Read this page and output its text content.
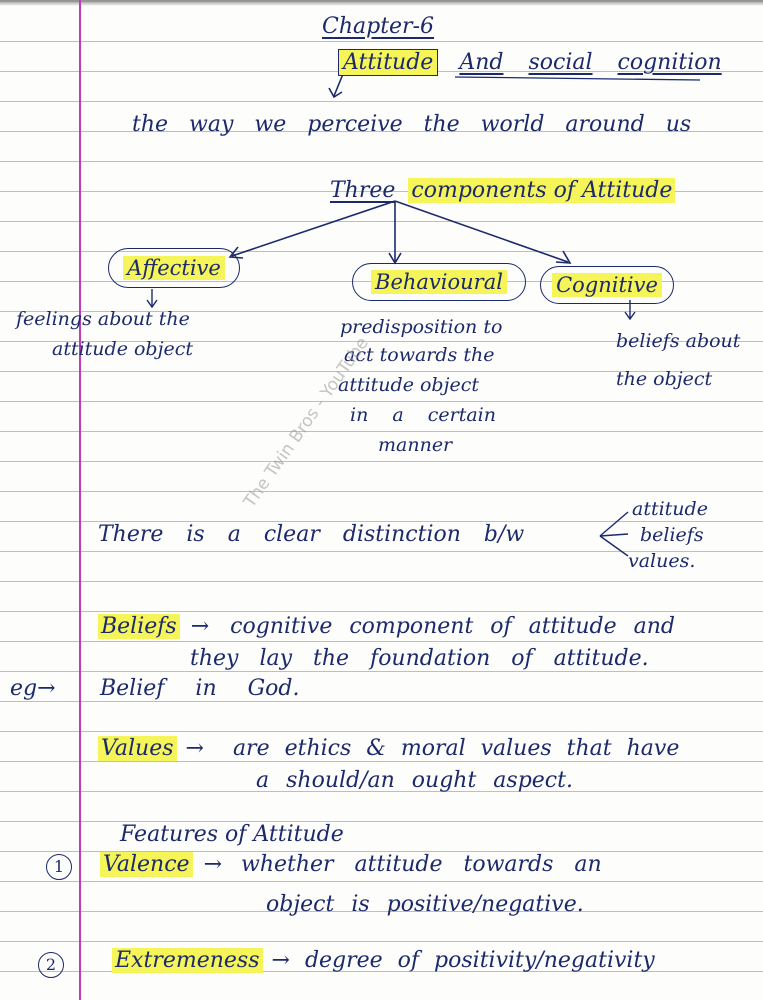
Chapter-6
Attitude And social cognition
the way we perceive the world around us
Three components of Attitude
Affective
feelings about the
attitude object
Behavioural
predisposition to
act towards the
attitude object
in a certain
manner
Cognitive
beliefs about
the object
The Twin Bros - YouTube
There is a clear distinction b/w
attitude
beliefs
values.
Beliefs → cognitive component of attitude and
they lay the foundation of attitude.
eg→ Belief in God.
Values → are ethics & moral values that have
a should/an ought aspect.
Features of Attitude
1	Valence → whether attitude towards an
object is positive/negative.
2	Extremeness → degree of positivity/negativity
